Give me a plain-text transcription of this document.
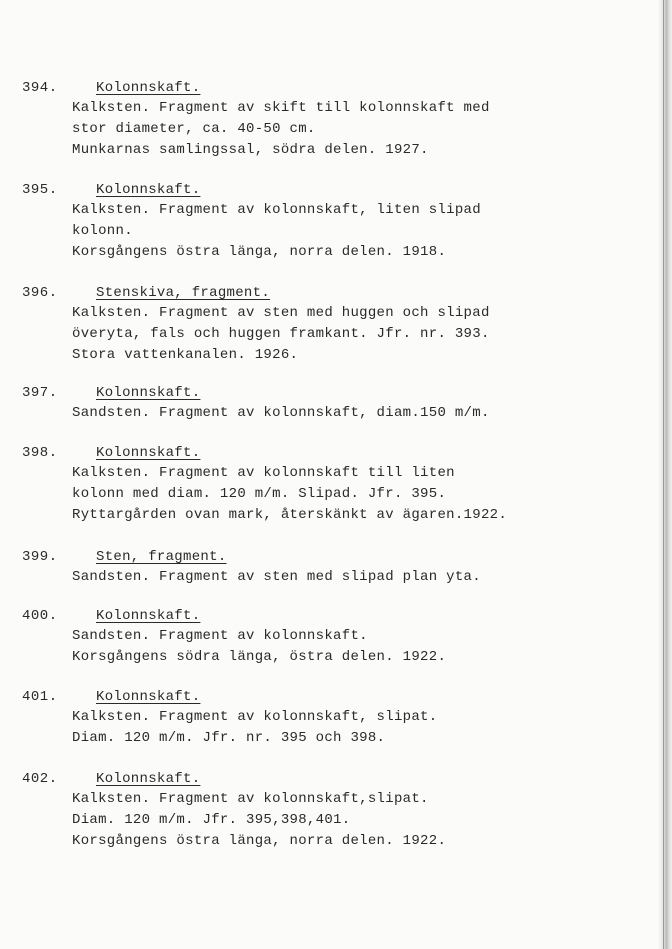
394.	Kolonnskaft.
Kalksten. Fragment av skift till kolonnskaft med
stor diameter, ca. 40-50 cm.
Munkarnas samlingssal, södra delen. 1927.
395.	Kolonnskaft.
Kalksten. Fragment av kolonnskaft, liten slipad
kolonn.
Korsgångens östra länga, norra delen. 1918.
396.	Stenskiva, fragment.
Kalksten. Fragment av sten med huggen och slipad
överyta, fals och huggen framkant. Jfr. nr. 393.
Stora vattenkanalen. 1926.
397.	Kolonnskaft.
Sandsten. Fragment av kolonnskaft, diam.150 m/m.
398.	Kolonnskaft.
Kalksten. Fragment av kolonnskaft till liten
kolonn med diam. 120 m/m. Slipad. Jfr. 395.
Ryttargården ovan mark, återskänkt av ägaren.1922.
399.	Sten, fragment.
Sandsten. Fragment av sten med slipad plan yta.
400.	Kolonnskaft.
Sandsten. Fragment av kolonnskaft.
Korsgångens södra länga, östra delen. 1922.
401.	Kolonnskaft.
Kalksten. Fragment av kolonnskaft, slipat.
Diam. 120 m/m. Jfr. nr. 395 och 398.
402.	Kolonnskaft.
Kalksten. Fragment av kolonnskaft,slipat.
Diam. 120 m/m. Jfr. 395,398,401.
Korsgångens östra länga, norra delen. 1922.
